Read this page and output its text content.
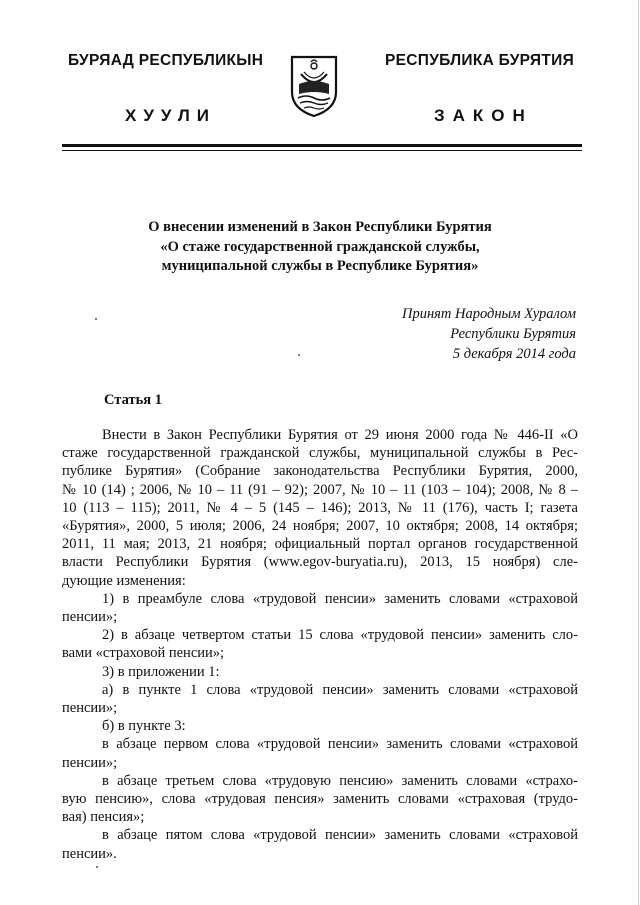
БУРЯАД РЕСПУБЛИКЫН	РЕСПУБЛИКА БУРЯТИЯ
ХУУЛИ	ЗАКОН
О внесении изменений в Закон Республики Бурятия
«О стаже государственной гражданской службы,
муниципальной службы в Республике Бурятия»
Принят Народным Хуралом
Республики Бурятия
5 декабря 2014 года
Статья 1
Внести в Закон Республики Бурятия от 29 июня 2000 года № 446-II «О
стаже государственной гражданской службы, муниципальной службы в Рес-
публике Бурятия» (Собрание законодательства Республики Бурятия, 2000,
№ 10 (14) ; 2006, № 10 – 11 (91 – 92); 2007, № 10 – 11 (103 – 104); 2008, № 8 –
10 (113 – 115); 2011, № 4 – 5 (145 – 146); 2013, № 11 (176), часть I; газета
«Бурятия», 2000, 5 июля; 2006, 24 ноября; 2007, 10 октября; 2008, 14 октября;
2011, 11 мая; 2013, 21 ноября; официальный портал органов государственной
власти Республики Бурятия (www.egov-buryatia.ru), 2013, 15 ноября) сле-
дующие изменения:
1) в преамбуле слова «трудовой пенсии» заменить словами «страховой
пенсии»;
2) в абзаце четвертом статьи 15 слова «трудовой пенсии» заменить сло-
вами «страховой пенсии»;
3) в приложении 1:
а) в пункте 1 слова «трудовой пенсии» заменить словами «страховой
пенсии»;
б) в пункте 3:
в абзаце первом слова «трудовой пенсии» заменить словами «страховой
пенсии»;
в абзаце третьем слова «трудовую пенсию» заменить словами «страхо-
вую пенсию», слова «трудовая пенсия» заменить словами «страховая (трудо-
вая) пенсия»;
в абзаце пятом слова «трудовой пенсии» заменить словами «страховой
пенсии».
